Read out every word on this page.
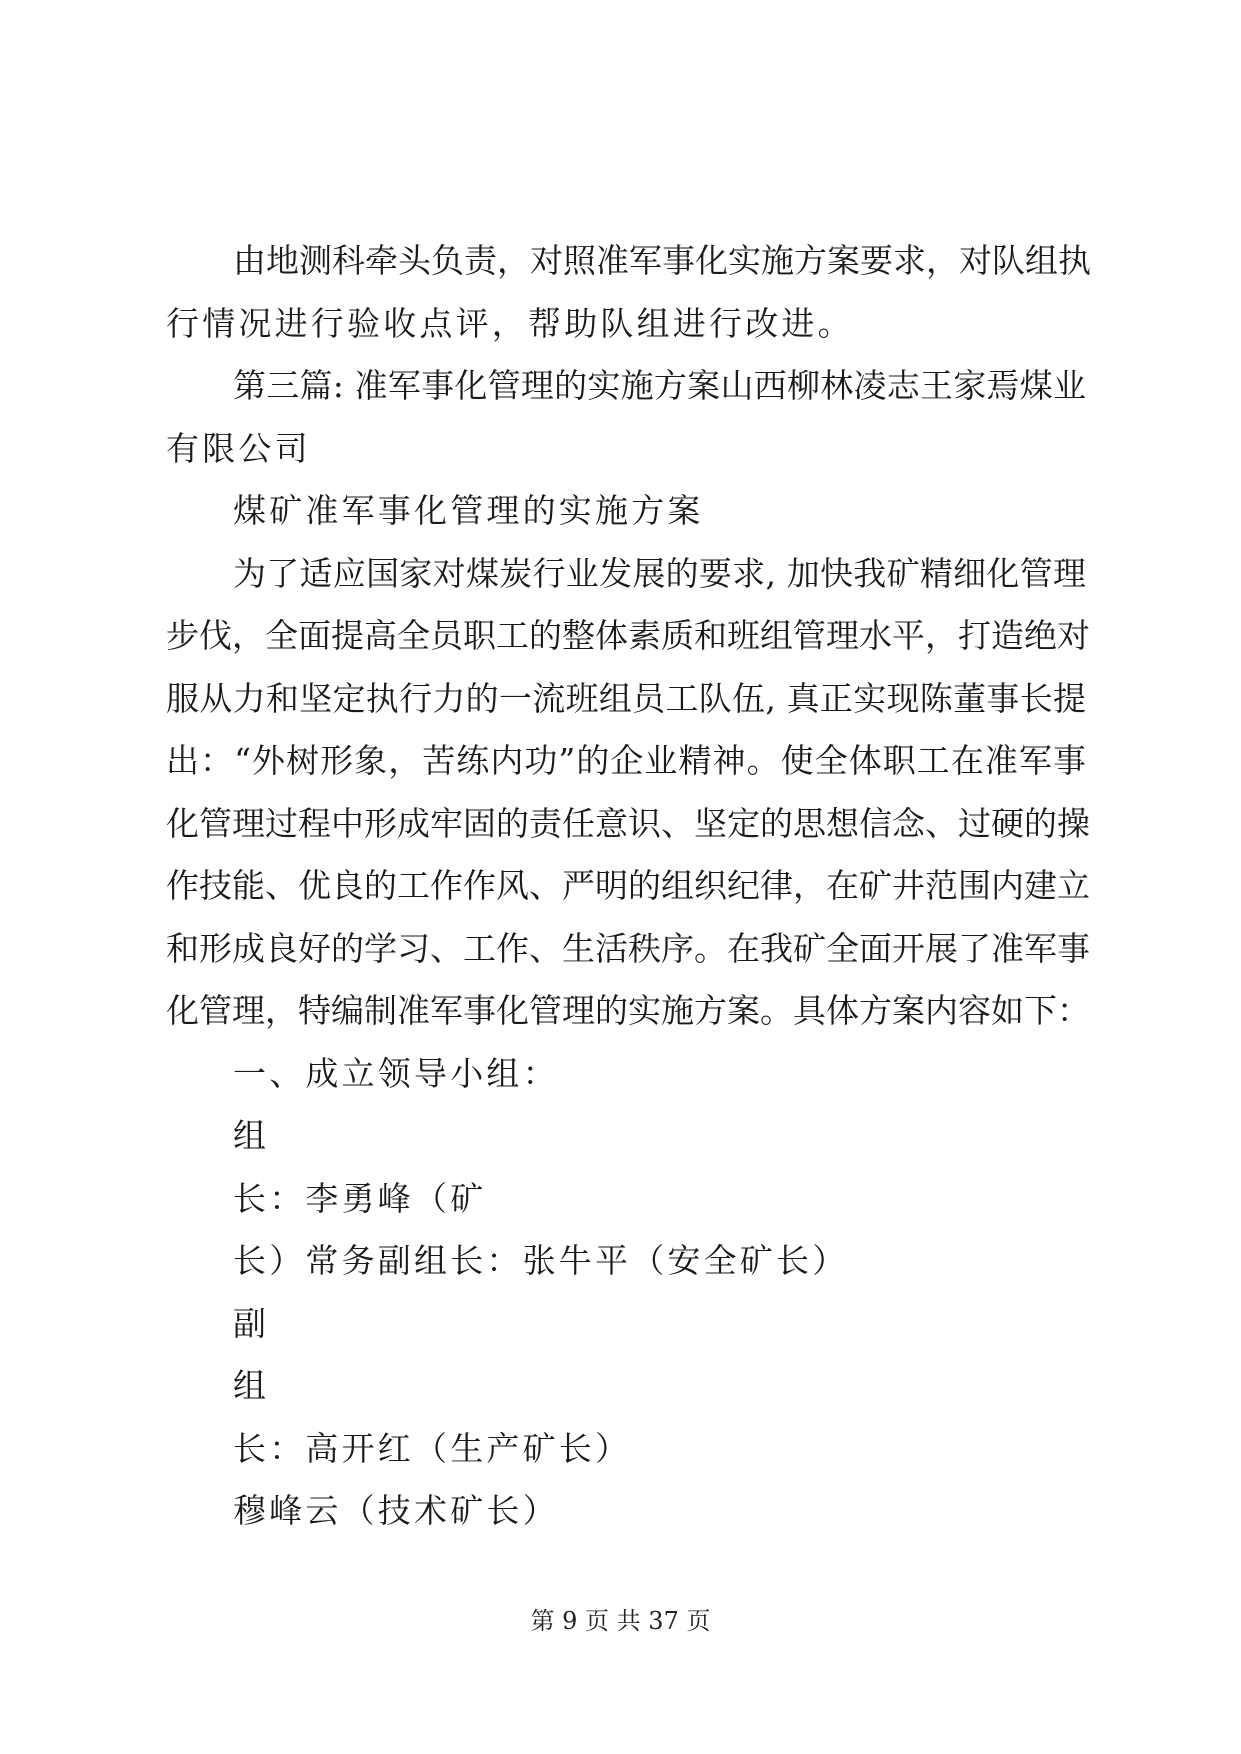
由地测科牵头负责，对照准军事化实施方案要求，对队组执
行情况进行验收点评，帮助队组进行改进。
第三篇: 准军事化管理的实施方案山西柳林凌志王家焉煤业
有限公司
煤矿准军事化管理的实施方案
为了适应国家对煤炭行业发展的要求, 加快我矿精细化管理
步伐，全面提高全员职工的整体素质和班组管理水平，打造绝对
服从力和坚定执行力的一流班组员工队伍, 真正实现陈董事长提
出：“外树形象，苦练内功”的企业精神。使全体职工在准军事
化管理过程中形成牢固的责任意识、坚定的思想信念、过硬的操
作技能、优良的工作作风、严明的组织纪律，在矿井范围内建立
和形成良好的学习、工作、生活秩序。在我矿全面开展了准军事
化管理，特编制准军事化管理的实施方案。具体方案内容如下：
一、成立领导小组：
组
长：李勇峰（矿
长）常务副组长：张牛平（安全矿长）
副
组
长：高开红（生产矿长）
穆峰云（技术矿长）
第 9 页 共 37 页
